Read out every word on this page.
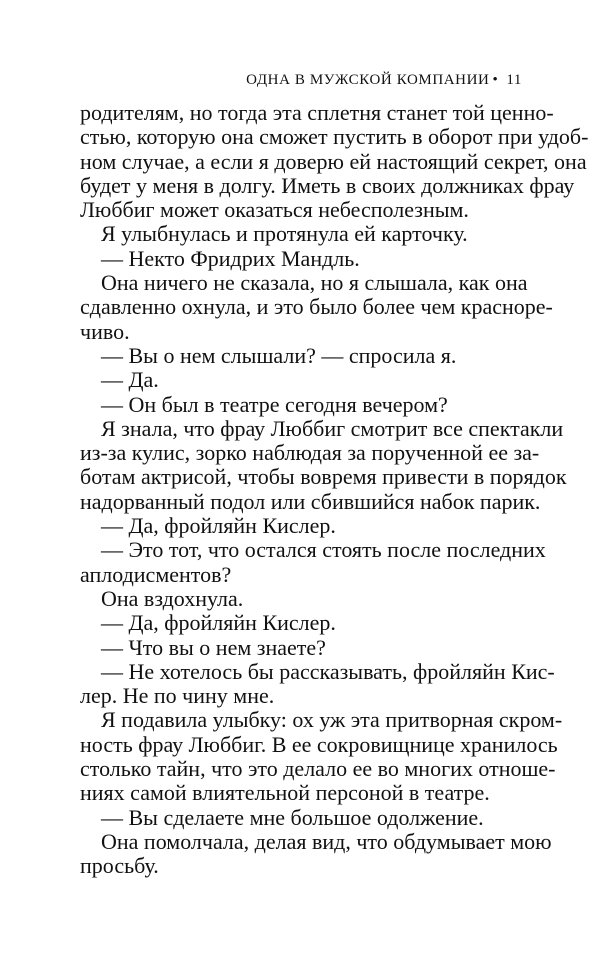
ОДНА В МУЖСКОЙ КОМПАНИИ • 11
родителям, но тогда эта сплетня станет той ценно-
стью, которую она сможет пустить в оборот при удоб-
ном случае, а если я доверю ей настоящий секрет, она
будет у меня в долгу. Иметь в своих должниках фрау
Люббиг может оказаться небесполезным.
Я улыбнулась и протянула ей карточку.
— Некто Фридрих Мандль.
Она ничего не сказала, но я слышала, как она
сдавленно охнула, и это было более чем красноре-
чиво.
— Вы о нем слышали? — спросила я.
— Да.
— Он был в театре сегодня вечером?
Я знала, что фрау Люббиг смотрит все спектакли
из-за кулис, зорко наблюдая за порученной ее за-
ботам актрисой, чтобы вовремя привести в порядок
надорванный подол или сбившийся набок парик.
— Да, фройляйн Кислер.
— Это тот, что остался стоять после последних
аплодисментов?
Она вздохнула.
— Да, фройляйн Кислер.
— Что вы о нем знаете?
— Не хотелось бы рассказывать, фройляйн Кис-
лер. Не по чину мне.
Я подавила улыбку: ох уж эта притворная скром-
ность фрау Люббиг. В ее сокровищнице хранилось
столько тайн, что это делало ее во многих отноше-
ниях самой влиятельной персоной в театре.
— Вы сделаете мне большое одолжение.
Она помолчала, делая вид, что обдумывает мою
просьбу.
